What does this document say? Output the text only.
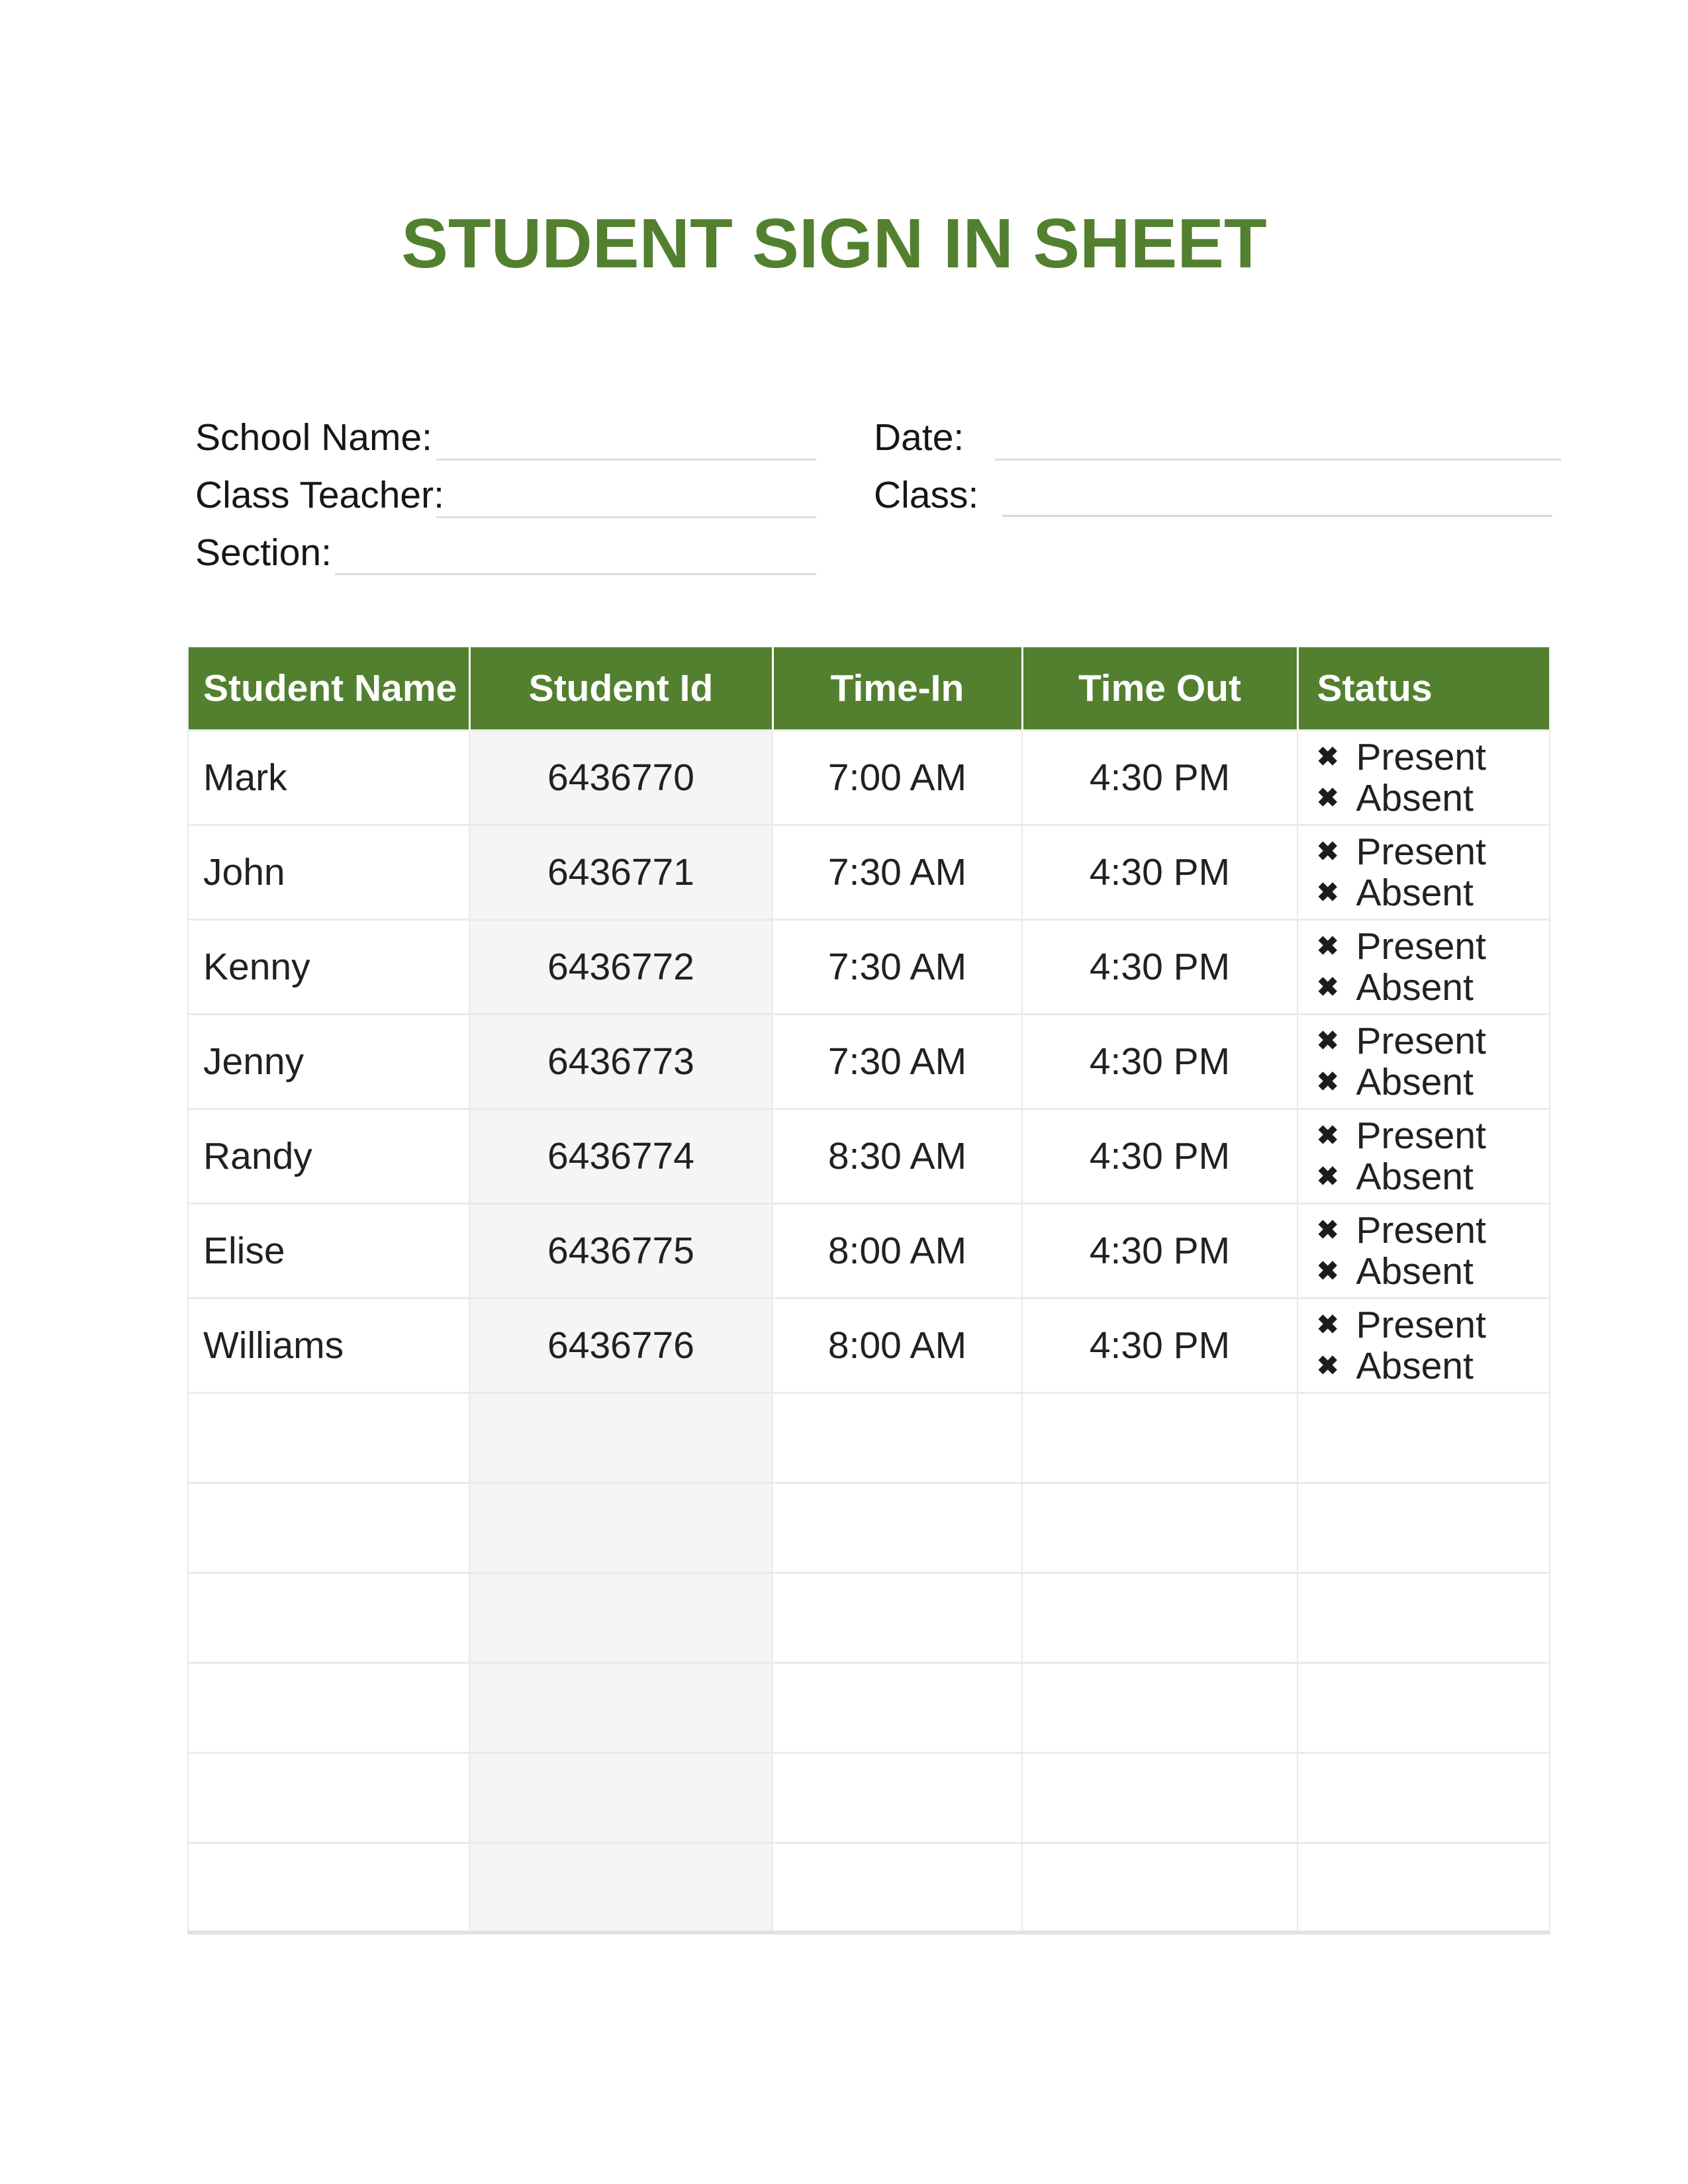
STUDENT SIGN IN SHEET
School Name:
Class Teacher:
Section:
Date:
Class:
Student Name	Student Id	Time-In	Time Out	Status
Mark	6436770	7:00 AM	4:30 PM	✖ Present
✖ Absent

John	6436771	7:30 AM	4:30 PM	✖ Present
✖ Absent

Kenny	6436772	7:30 AM	4:30 PM	✖ Present
✖ Absent

Jenny	6436773	7:30 AM	4:30 PM	✖ Present
✖ Absent

Randy	6436774	8:30 AM	4:30 PM	✖ Present
✖ Absent

Elise	6436775	8:00 AM	4:30 PM	✖ Present
✖ Absent

Williams	6436776	8:00 AM	4:30 PM	✖ Present
✖ Absent
